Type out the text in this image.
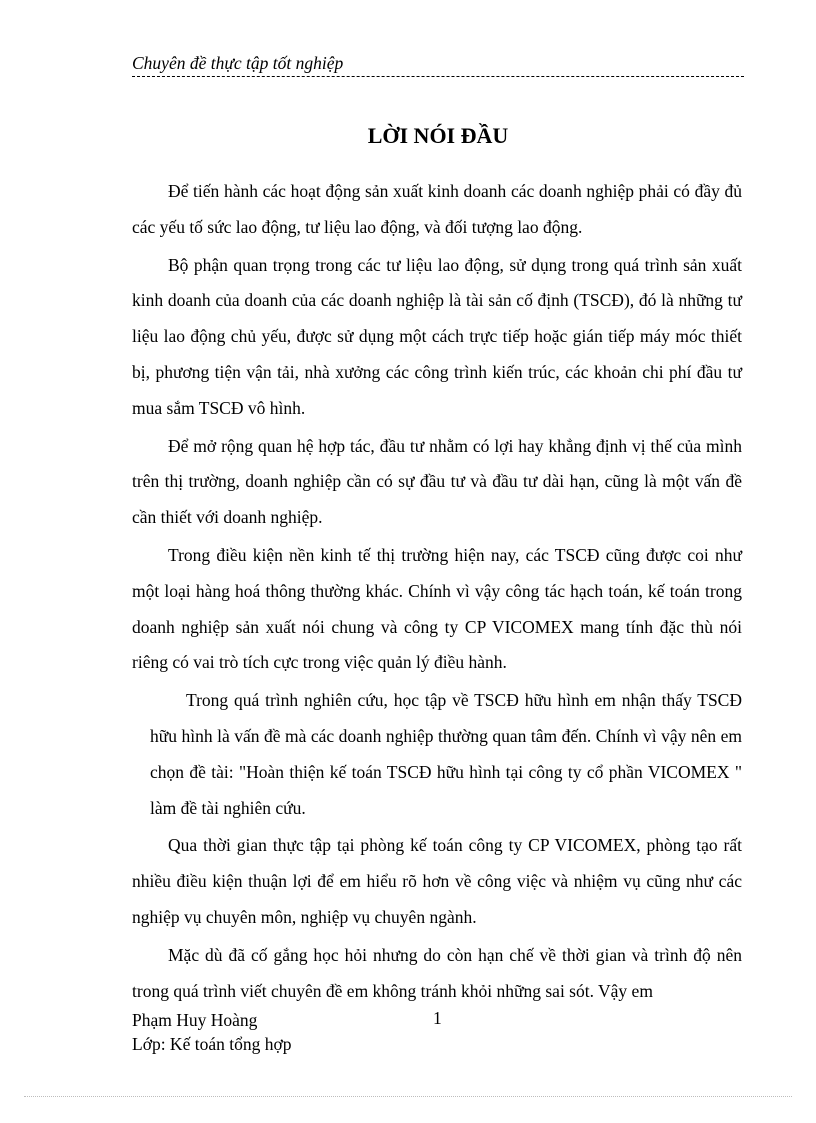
Chuyên đề thực tập tốt nghiệp
LỜI NÓI ĐẦU

Để tiến hành các hoạt động sản xuất kinh doanh các doanh nghiệp phải có đầy đủ các yếu tố sức lao động, tư liệu lao động, và đối tượng lao động.

Bộ phận quan trọng trong các tư liệu lao động, sử dụng trong quá trình sản xuất kinh doanh của doanh của các doanh nghiệp là tài sản cố định (TSCĐ), đó là những tư liệu lao động chủ yếu, được sử dụng một cách trực tiếp hoặc gián tiếp máy móc thiết bị, phương tiện vận tải, nhà xưởng các công trình kiến trúc, các khoản chi phí đầu tư mua sắm TSCĐ vô hình.

Để mở rộng quan hệ hợp tác, đầu tư nhằm có lợi hay khẳng định vị thế của mình trên thị trường, doanh nghiệp cần có sự đầu tư và đầu tư dài hạn, cũng là một vấn đề cần thiết với doanh nghiệp.

Trong điều kiện nền kinh tế thị trường hiện nay, các TSCĐ cũng được coi như một loại hàng hoá thông thường khác. Chính vì vậy công tác hạch toán, kế toán trong doanh nghiệp sản xuất nói chung và công ty CP VICOMEX mang tính đặc thù nói riêng có vai trò tích cực trong việc quản lý điều hành.

Trong quá trình nghiên cứu, học tập về TSCĐ hữu hình em nhận thấy TSCĐ hữu hình là vấn đề mà các doanh nghiệp thường quan tâm đến. Chính vì vậy nên em chọn đề tài: "Hoàn thiện kế toán TSCĐ hữu hình tại công ty cổ phần VICOMEX " làm đề tài nghiên cứu.

Qua thời gian thực tập tại phòng kế toán công ty CP VICOMEX, phòng tạo rất nhiều điều kiện thuận lợi để em hiểu rõ hơn về công việc và nhiệm vụ cũng như các nghiệp vụ chuyên môn, nghiệp vụ chuyên ngành.

Mặc dù đã cố gắng học hỏi nhưng do còn hạn chế về thời gian và trình độ nên trong quá trình viết chuyên đề em không tránh khỏi những sai sót. Vậy em

Phạm Huy Hoàng
Lớp: Kế toán tổng hợp
1
